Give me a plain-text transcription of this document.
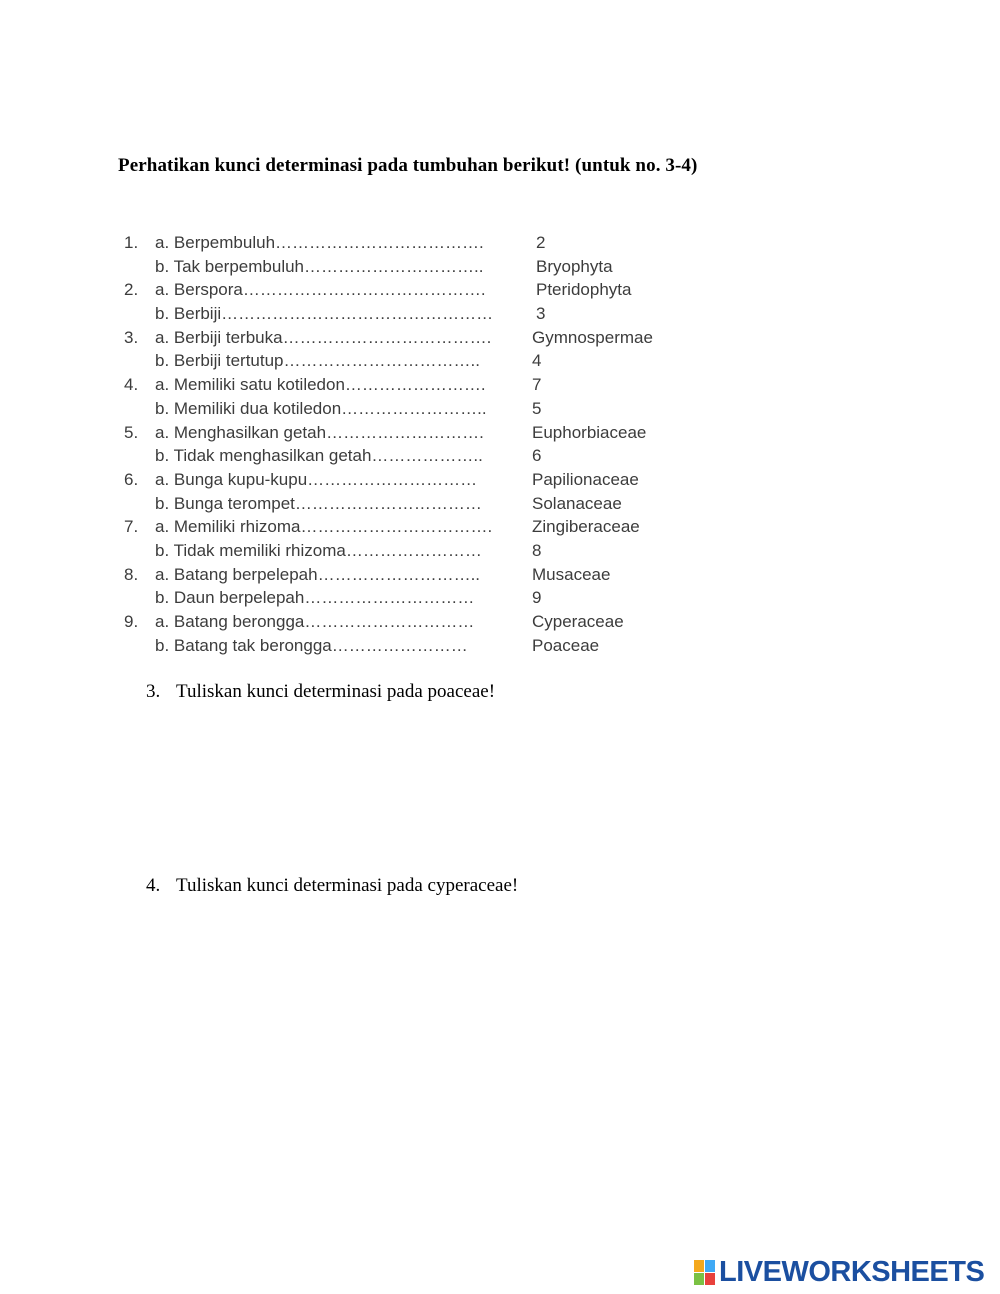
Perhatikan kunci determinasi pada tumbuhan berikut! (untuk no. 3-4)
1. a. Berpembuluh……………………………….	2
b. Tak berpembuluh…………………………..	Bryophyta
2. a. Berspora…………………………………….	Pteridophyta
b. Berbiji…………………………………………	3
3. a. Berbiji terbuka………………………………. Gymnospermae
b. Berbiji tertutup……………………………..	4
4. a. Memiliki satu kotiledon…………………….	7
b. Memiliki dua kotiledon……………………..	5
5. a. Menghasilkan getah……………………….	Euphorbiaceae
b. Tidak menghasilkan getah………………..	6
6. a. Bunga kupu-kupu…………………………	Papilionaceae
b. Bunga terompet……………………………	Solanaceae
7. a. Memiliki rhizoma……………………………. Zingiberaceae
b. Tidak memiliki rhizoma……………………	8
8. a. Batang berpelepah………………………..	Musaceae
b. Daun berpelepah…………………………	9
9. a. Batang berongga…………………………	Cyperaceae
b. Batang tak berongga……………………	Poaceae
3. Tuliskan kunci determinasi pada poaceae!
4. Tuliskan kunci determinasi pada cyperaceae!
LIVEWORKSHEETS
